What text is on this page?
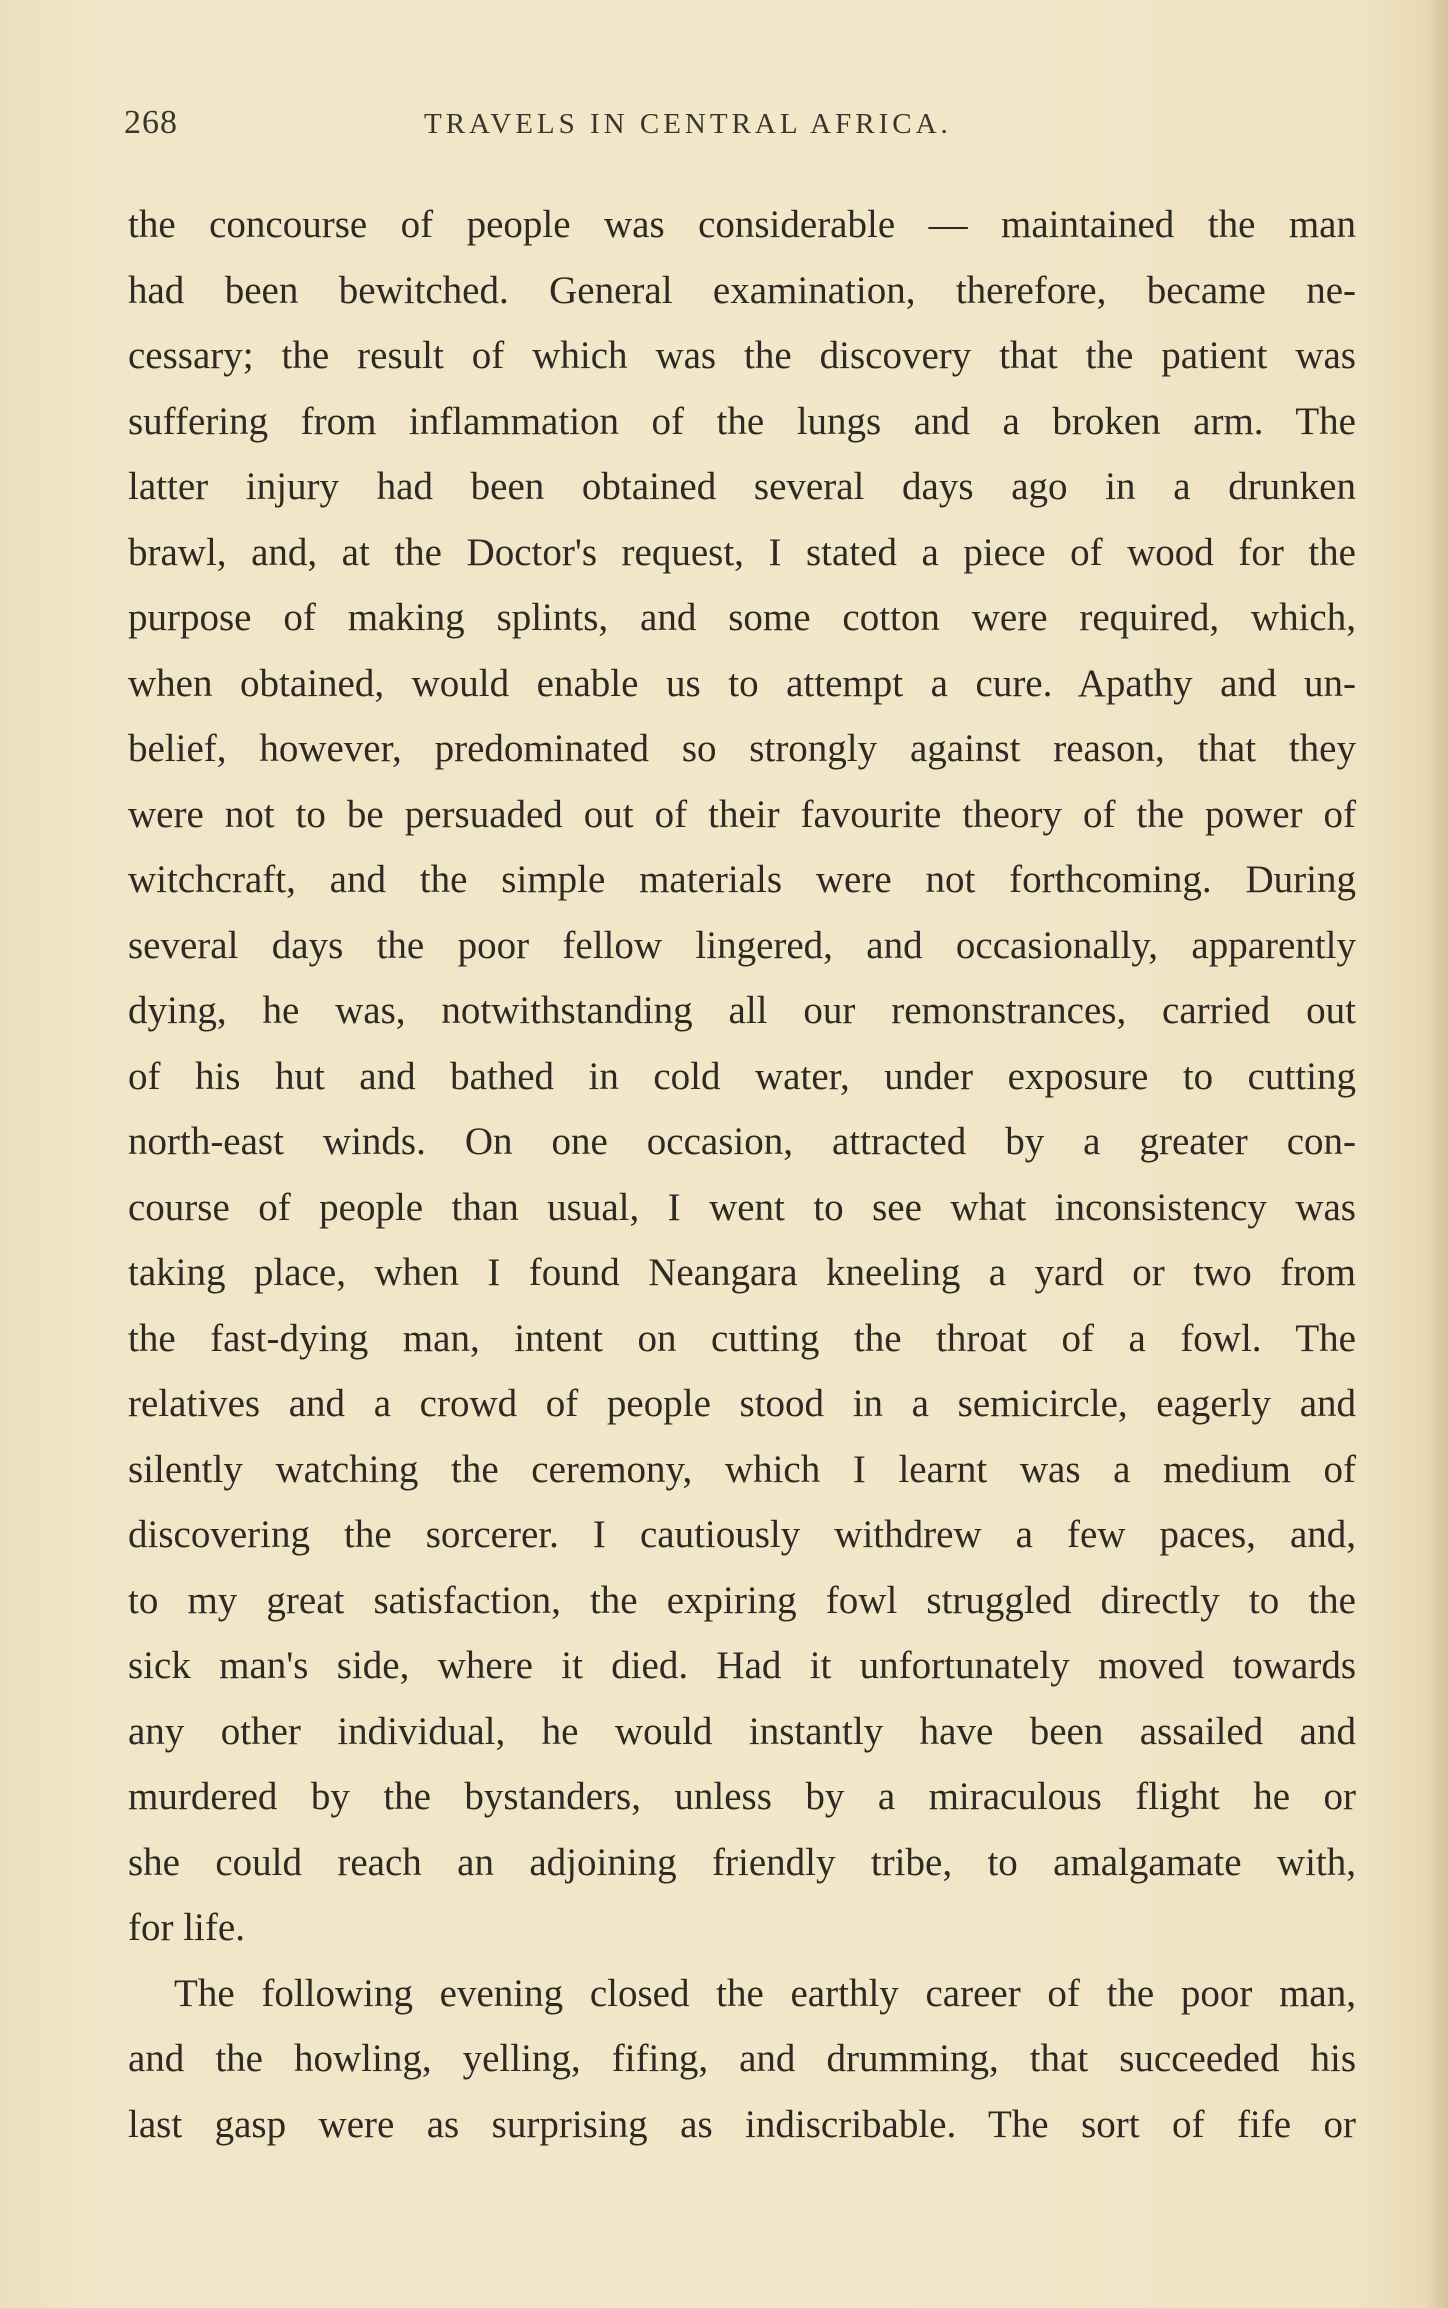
268	TRAVELS IN CENTRAL AFRICA.
the concourse of people was considerable — maintained the man
had been bewitched. General examination, therefore, became ne-
cessary; the result of which was the discovery that the patient was
suffering from inflammation of the lungs and a broken arm. The
latter injury had been obtained several days ago in a drunken
brawl, and, at the Doctor's request, I stated a piece of wood for the
purpose of making splints, and some cotton were required, which,
when obtained, would enable us to attempt a cure. Apathy and un-
belief, however, predominated so strongly against reason, that they
were not to be persuaded out of their favourite theory of the power of
witchcraft, and the simple materials were not forthcoming. During
several days the poor fellow lingered, and occasionally, apparently
dying, he was, notwithstanding all our remonstrances, carried out
of his hut and bathed in cold water, under exposure to cutting
north-east winds. On one occasion, attracted by a greater con-
course of people than usual, I went to see what inconsistency was
taking place, when I found Neangara kneeling a yard or two from
the fast-dying man, intent on cutting the throat of a fowl. The
relatives and a crowd of people stood in a semicircle, eagerly and
silently watching the ceremony, which I learnt was a medium of
discovering the sorcerer. I cautiously withdrew a few paces, and,
to my great satisfaction, the expiring fowl struggled directly to the
sick man's side, where it died. Had it unfortunately moved towards
any other individual, he would instantly have been assailed and
murdered by the bystanders, unless by a miraculous flight he or
she could reach an adjoining friendly tribe, to amalgamate with,
for life.
The following evening closed the earthly career of the poor man,
and the howling, yelling, fifing, and drumming, that succeeded his
last gasp were as surprising as indiscribable. The sort of fife or
